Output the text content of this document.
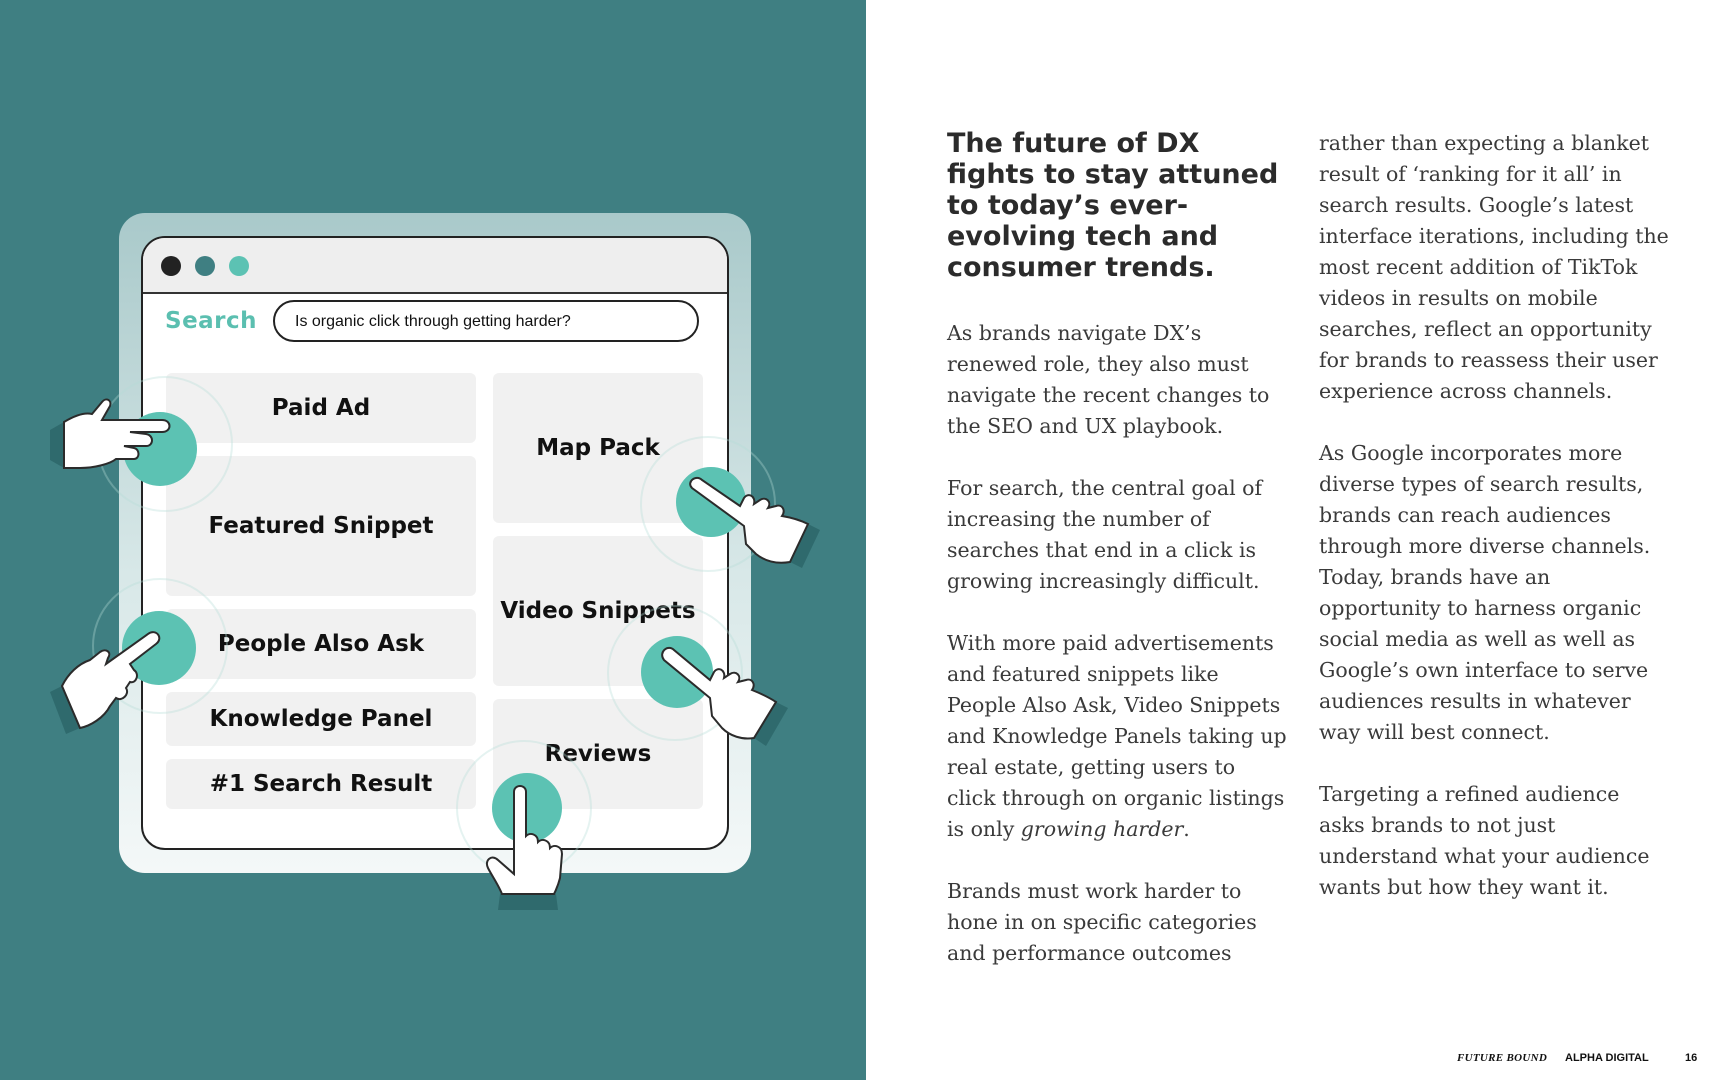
Search Is organic click through getting harder?
Paid Ad
Featured Snippet
People Also Ask
Knowledge Panel
#1 Search Result
Map Pack
Video Snippets
Reviews
The future of DX fights to stay attuned to today’s ever-evolving tech and consumer trends.

As brands navigate DX’s renewed role, they also must navigate the recent changes to the SEO and UX playbook.

For search, the central goal of increasing the number of searches that end in a click is growing increasingly difficult.

With more paid advertisements and featured snippets like People Also Ask, Video Snippets and Knowledge Panels taking up real estate, getting users to click through on organic listings is only growing harder.

Brands must work harder to hone in on specific categories and performance outcomes

rather than expecting a blanket result of ‘ranking for it all’ in search results. Google’s latest interface iterations, including the most recent addition of TikTok videos in results on mobile searches, reflect an opportunity for brands to reassess their user experience across channels.

As Google incorporates more diverse types of search results, brands can reach audiences through more diverse channels. Today, brands have an opportunity to harness organic social media as well as well as Google’s own interface to serve audiences results in whatever way will best connect.

Targeting a refined audience asks brands to not just understand what your audience wants but how they want it.

FUTURE BOUND ALPHA DIGITAL	16
